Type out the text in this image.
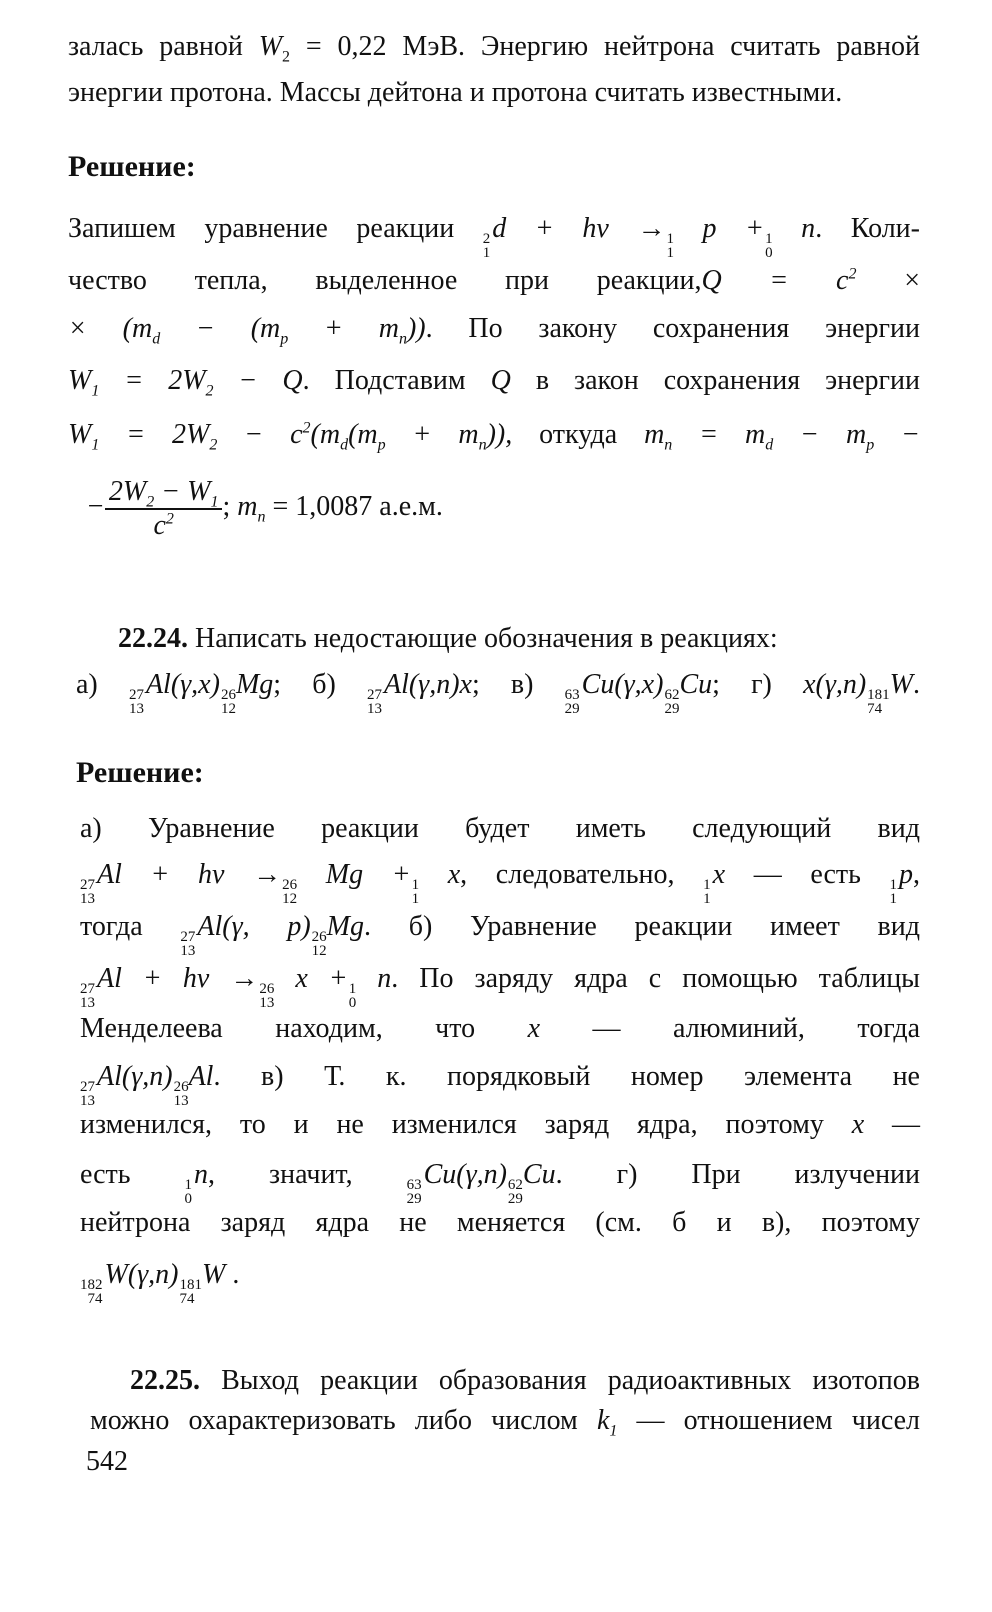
залась равной $W_2 = 0,22$ МэВ. Энергию нейтрона считать равной
энергии протона. Массы дейтона и протона считать известными.
Решение:
Запишем уравнение реакции 2
1
d + hν → 1
1
p + 1
0
n. Коли-
чество тепла, выделенное при реакции,Q = $c^2$ ×
× $(m_d - (m_p + m_n))$. По закону сохранения энергии
$W_1 = 2W_2 - Q$. Подставим Q в закон сохранения энергии
$W_1 = 2W_2 - c^2(m_d(m_p + m_n))$, откуда $m_n = m_d - m_p$ −
− $\frac{2W_2 - W_1}{c^2}$ ; $m_n = 1,0087$ а.е.м.
22.24. Написать недостающие обозначения в реакциях:
а) 27
13
Al(γ,x) 26
12
Mg; б) 27
13
Al(γ,n)x; в) 63
29
Cu(γ,x) 62
29
Cu; г) x(γ,n) 181
74
W.
Решение:
а) Уравнение реакции будет иметь следующий вид
27
13
Al + hν → 26
12
Mg + 1
1
x, следовательно, 1
1
x — есть 1
1
p,
тогда	27
13
Al(γ, p) 26
12
Mg. б) Уравнение реакции имеет вид
27
13
Al + hν → 26
13
x + 1
0
n. По заряду ядра с помощью таблицы
Менделеева находим, что x — алюминий, тогда
27
13
Al(γ,n) 26
13
Al. в) Т. к. порядковый номер элемента не
изменился, то и не изменился заряд ядра, поэтому x —
есть	1
0
n, значит,	63
29
Cu(γ,n) 62
29
Cu. г) При излучении
нейтрона заряд ядра не меняется (см. б и в), поэтому
182
74
W(γ,n) 181
74
W .
22.25. Выход реакции образования радиоактивных изотопов
можно охарактеризовать либо числом $k_1$ — отношением чисел
542
